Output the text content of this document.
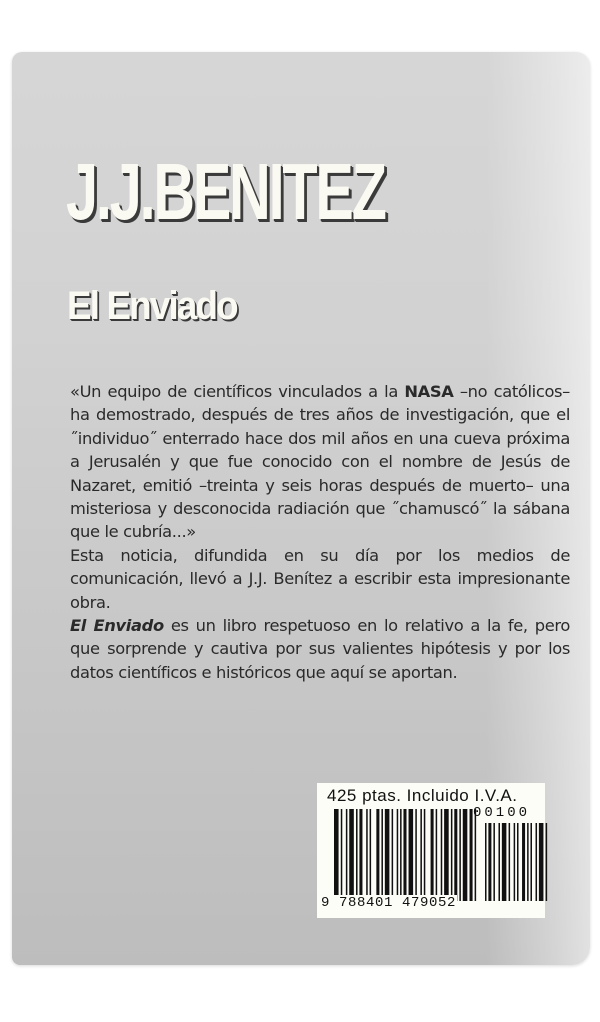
J.J.BENITEZ
El Enviado

«Un equipo de científicos vinculados a la NASA –no católicos– ha demostrado, después de tres años de investigación, que el ˝individuo˝ enterrado hace dos mil años en una cueva próxima a Jerusalén y que fue conocido con el nombre de Jesús de Nazaret, emitió –treinta y seis horas después de muerto– una misteriosa y desconocida radiación que ˝chamuscó˝ la sábana que le cubría...»

Esta noticia, difundida en su día por los medios de comunicación, llevó a J.J. Benítez a escribir esta impresionante obra.

El Enviado es un libro respetuoso en lo relativo a la fe, pero que sorprende y cautiva por sus valientes hipótesis y por los datos científicos e históricos que aquí se aportan.

425 ptas. Incluido I.V.A.
00100
9 788401 479052
